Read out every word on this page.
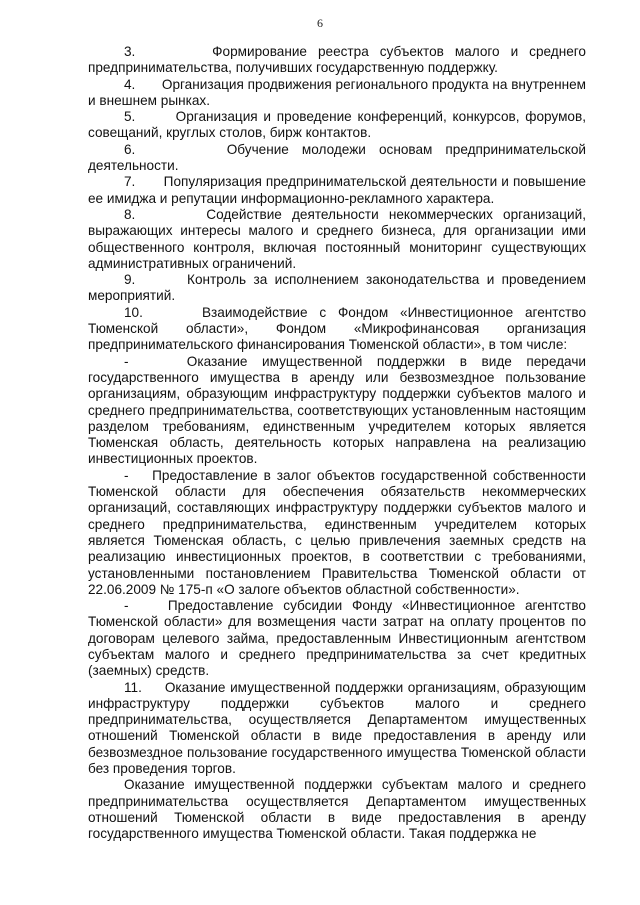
6

3.       Формирование реестра субъектов малого и среднего предпринимательства, получивших государственную поддержку.

4.       Организация продвижения регионального продукта на внутреннем и внешнем рынках.

5.       Организация и проведение конференций, конкурсов, форумов, совещаний, круглых столов, бирж контактов.

6.       Обучение молодежи основам предпринимательской деятельности.

7.       Популяризация предпринимательской деятельности и повышение ее имиджа и репутации информационно-рекламного характера.

8.       Содействие деятельности некоммерческих организаций, выражающих интересы малого и среднего бизнеса, для организации ими общественного контроля, включая постоянный мониторинг существующих административных ограничений.

9.       Контроль за исполнением законодательства и проведением мероприятий.

10.     Взаимодействие с Фондом «Инвестиционное агентство Тюменской области», Фондом «Микрофинансовая организация предпринимательского финансирования Тюменской области», в том числе:

-    Оказание имущественной поддержки в виде передачи государственного имущества в аренду или безвозмездное пользование организациям, образующим инфраструктуру поддержки субъектов малого и среднего предпринимательства, соответствующих установленным настоящим разделом требованиям, единственным учредителем которых является Тюменская область, деятельность которых направлена на реализацию инвестиционных проектов.

-    Предоставление в залог объектов государственной собственности Тюменской области для обеспечения обязательств некоммерческих организаций, составляющих инфраструктуру поддержки субъектов малого и среднего предпринимательства, единственным учредителем которых является Тюменская область, с целью привлечения заемных средств на реализацию инвестиционных проектов, в соответствии с требованиями, установленными постановлением Правительства Тюменской области от 22.06.2009 № 175-п «О залоге объектов областной собственности».

-    Предоставление субсидии Фонду «Инвестиционное агентство Тюменской области» для возмещения части затрат на оплату процентов по договорам целевого займа, предоставленным Инвестиционным агентством субъектам малого и среднего предпринимательства за счет кредитных (заемных) средств.

11.     Оказание имущественной поддержки организациям, образующим инфраструктуру поддержки субъектов малого и среднего предпринимательства, осуществляется Департаментом имущественных отношений Тюменской области в виде предоставления в аренду или безвозмездное пользование государственного имущества Тюменской области без проведения торгов.

Оказание имущественной поддержки субъектам малого и среднего предпринимательства осуществляется Департаментом имущественных отношений Тюменской области в виде предоставления в аренду государственного имущества Тюменской области. Такая поддержка не
